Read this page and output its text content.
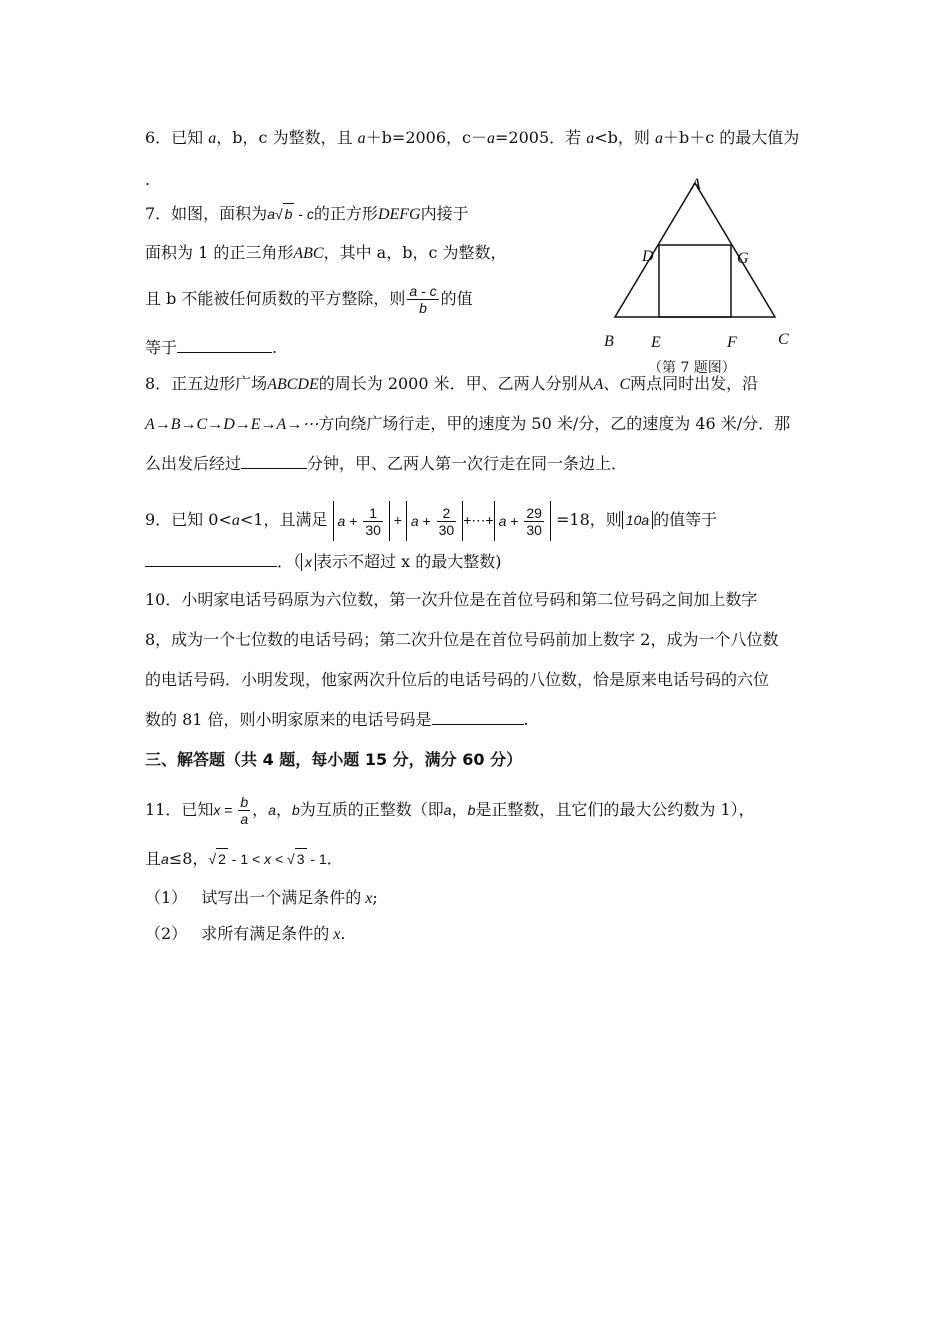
6．已知 a，b，c 为整数，且 a＋b=2006，c－a=2005．若 a<b，则 a＋b＋c 的最大值为
.
7．如图，面积为a√ b - c的正方形DEFG内接于
面积为 1 的正三角形ABC，其中 a，b，c 为整数，
且 b 不能被任何质数的平方整除，则 $\frac{a - c}{b}$ 的值
等于	.
A
B	C
D
E	F
G
（第 7 题图）
8．正五边形广场ABCDE的周长为 2000 米．甲、乙两人分别从A、C两点同时出发，沿
A→B→C→D→E→A→⋯方向绕广场行走，甲的速度为 50 米/分，乙的速度为 46 米/分．那
么出发后经过	分钟，甲、乙两人第一次行走在同一条边上．
9．已知 0<a<1，且满足 $a + \frac{1}{30} + a + \frac{2}{30}$ +⋯+ $a + \frac{29}{30} =18$，则 10a 的值等于
．（ x 表示不超过 x 的最大整数)
10．小明家电话号码原为六位数，第一次升位是在首位号码和第二位号码之间加上数字
8，成为一个七位数的电话号码；第二次升位是在首位号码前加上数字 2，成为一个八位数
的电话号码．小明发现，他家两次升位后的电话号码的八位数，恰是原来电话号码的六位
数的 81 倍，则小明家原来的电话号码是	.
三、解答题（共 4 题，每小题 15 分，满分 60 分）
11．已知$x = \frac{b}{a}$ ，a，b为互质的正整数（即a，b是正整数，且它们的最大公约数为 1），
且a≤8，√ 2 - 1 < x < √ 3 - 1．
（1） 试写出一个满足条件的 x;
（2） 求所有满足条件的 x.
